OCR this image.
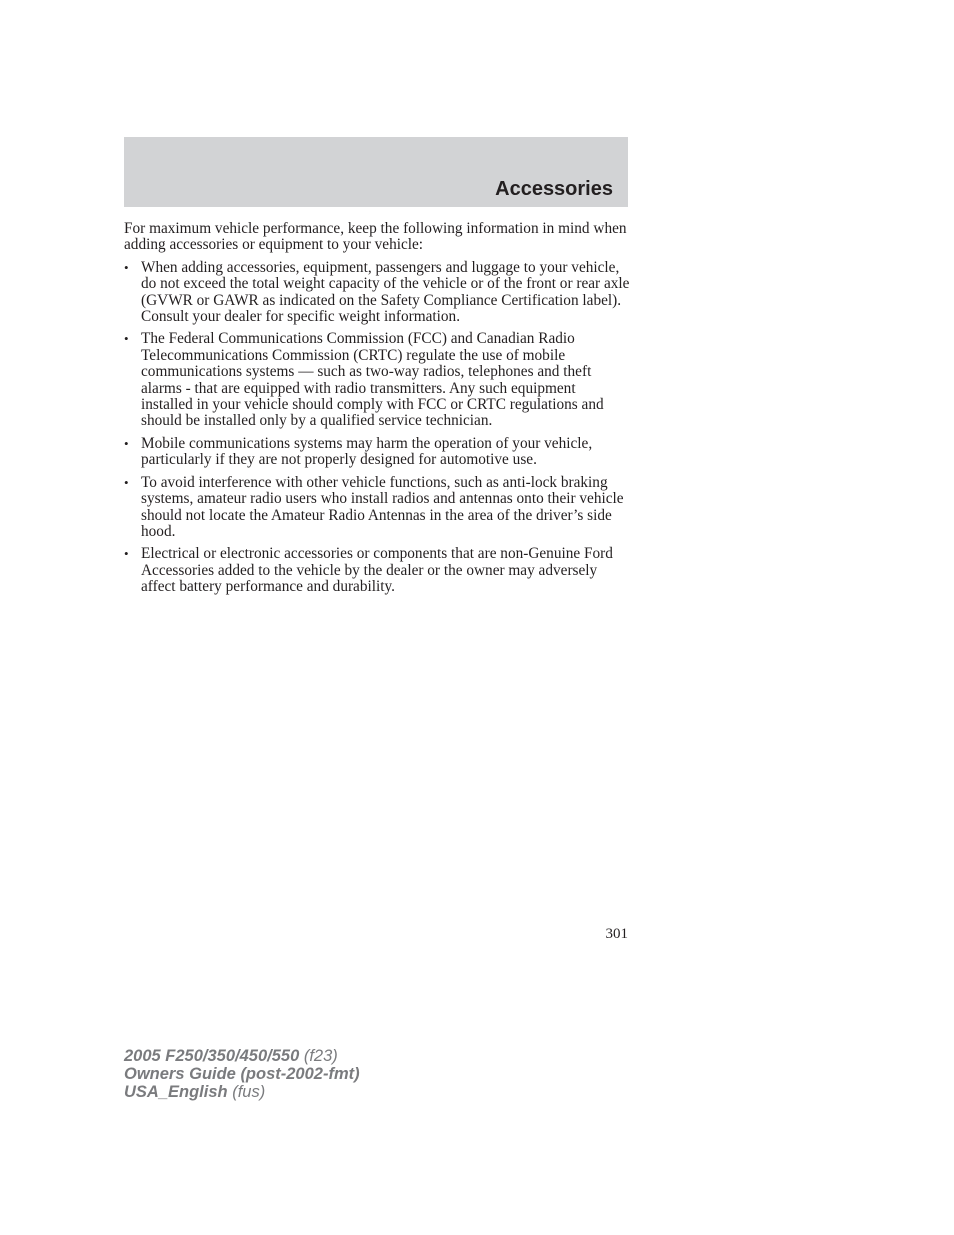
Accessories

For maximum vehicle performance, keep the following information in mind when adding accessories or equipment to your vehicle:

• When adding accessories, equipment, passengers and luggage to your vehicle, do not exceed the total weight capacity of the vehicle or of the front or rear axle (GVWR or GAWR as indicated on the Safety Compliance Certification label). Consult your dealer for specific weight information.
• The Federal Communications Commission (FCC) and Canadian Radio Telecommunications Commission (CRTC) regulate the use of mobile communications systems — such as two-way radios, telephones and theft alarms - that are equipped with radio transmitters. Any such equipment installed in your vehicle should comply with FCC or CRTC regulations and should be installed only by a qualified service technician.
• Mobile communications systems may harm the operation of your vehicle, particularly if they are not properly designed for automotive use.
• To avoid interference with other vehicle functions, such as anti-lock braking systems, amateur radio users who install radios and antennas onto their vehicle should not locate the Amateur Radio Antennas in the area of the driver’s side hood.
• Electrical or electronic accessories or components that are non-Genuine Ford Accessories added to the vehicle by the dealer or the owner may adversely affect battery performance and durability.
301
2005 F250/350/450/550 (f23)
Owners Guide (post-2002-fmt)
USA_English (fus)
